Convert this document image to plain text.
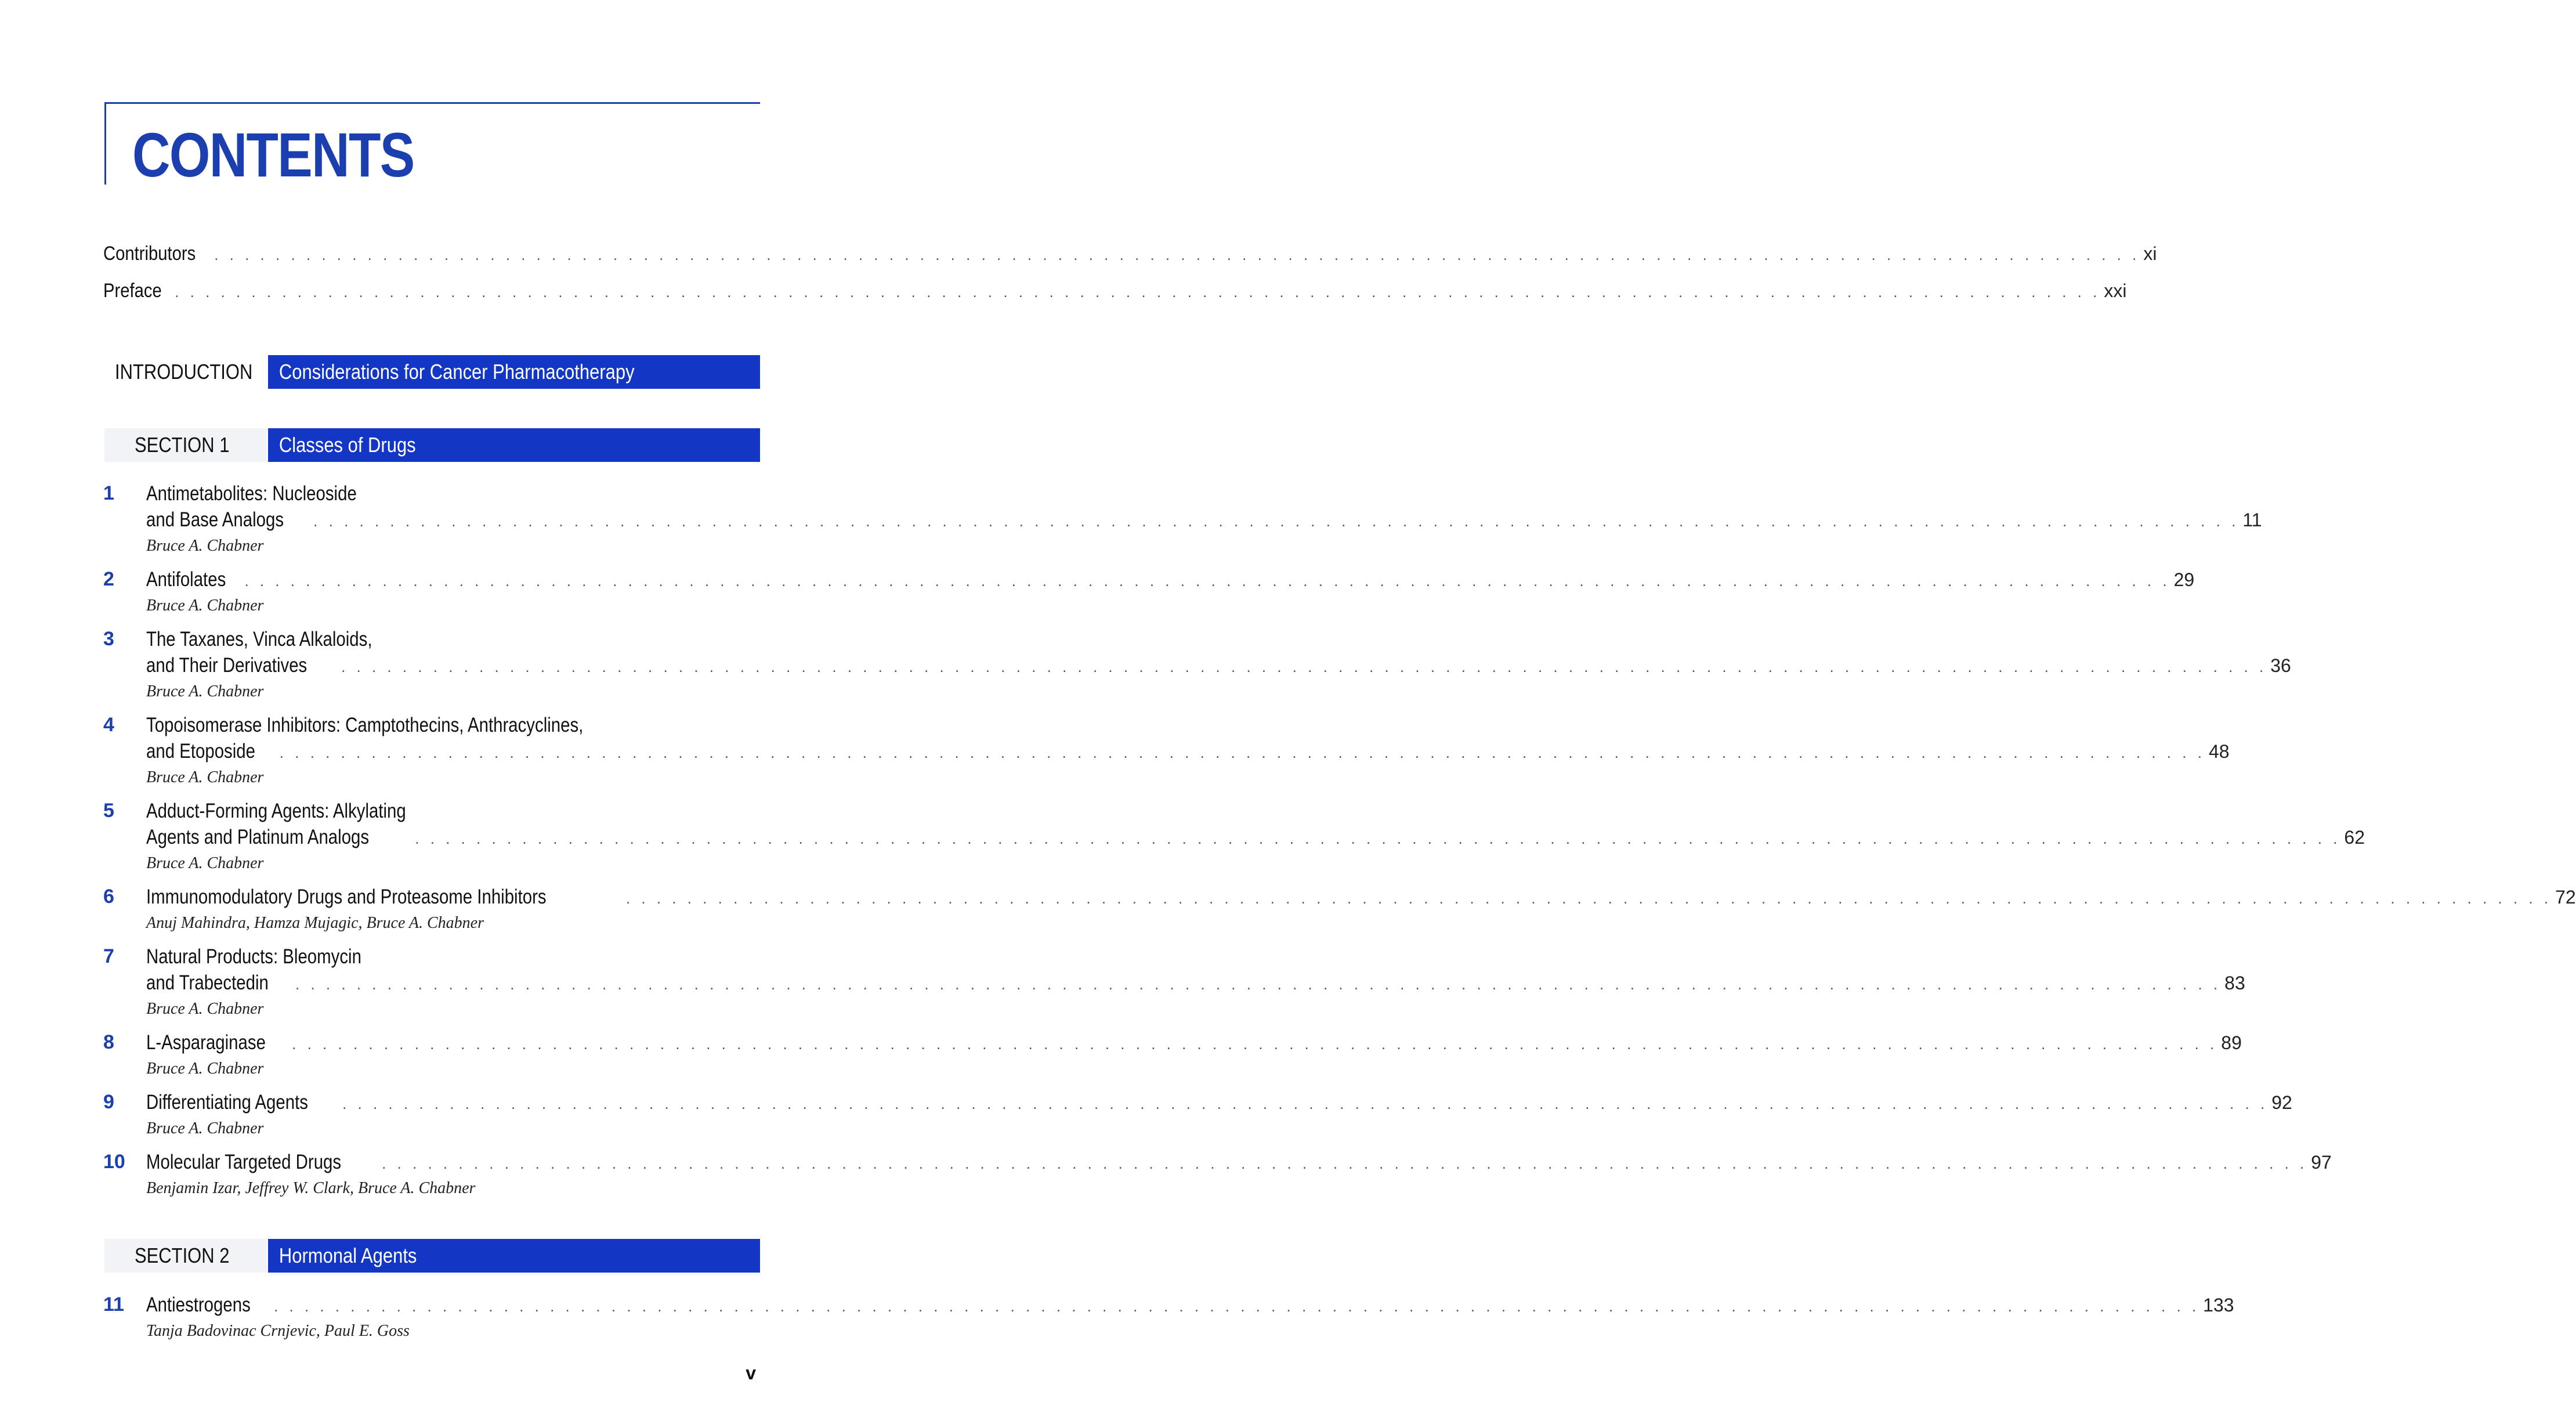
CONTENTS
Contributors . . .	xi
Preface . . .	xxi
INTRODUCTION	Considerations for Cancer Pharmacotherapy
SECTION 1	Classes of Drugs
1	Antimetabolites: Nucleoside
and Base Analogs . . .	11
Bruce A. Chabner
2	Antifolates . . .	29
Bruce A. Chabner
3	The Taxanes, Vinca Alkaloids,
and Their Derivatives . . .	36
Bruce A. Chabner
4	Topoisomerase Inhibitors: Camptothecins, Anthracyclines,
and Etoposide . . .	48
Bruce A. Chabner
5	Adduct-Forming Agents: Alkylating
Agents and Platinum Analogs . . .	62
Bruce A. Chabner
6	Immunomodulatory Drugs and Proteasome Inhibitors . . .	72
Anuj Mahindra, Hamza Mujagic, Bruce A. Chabner
7	Natural Products: Bleomycin
and Trabectedin . . .	83
Bruce A. Chabner
8	L-Asparaginase . . .	89
Bruce A. Chabner
9	Differentiating Agents . . .	92
Bruce A. Chabner
10	Molecular Targeted Drugs . . .	97
Benjamin Izar, Jeffrey W. Clark, Bruce A. Chabner
SECTION 2	Hormonal Agents
11	Antiestrogens . . .	133
Tanja Badovinac Crnjevic, Paul E. Goss
v
